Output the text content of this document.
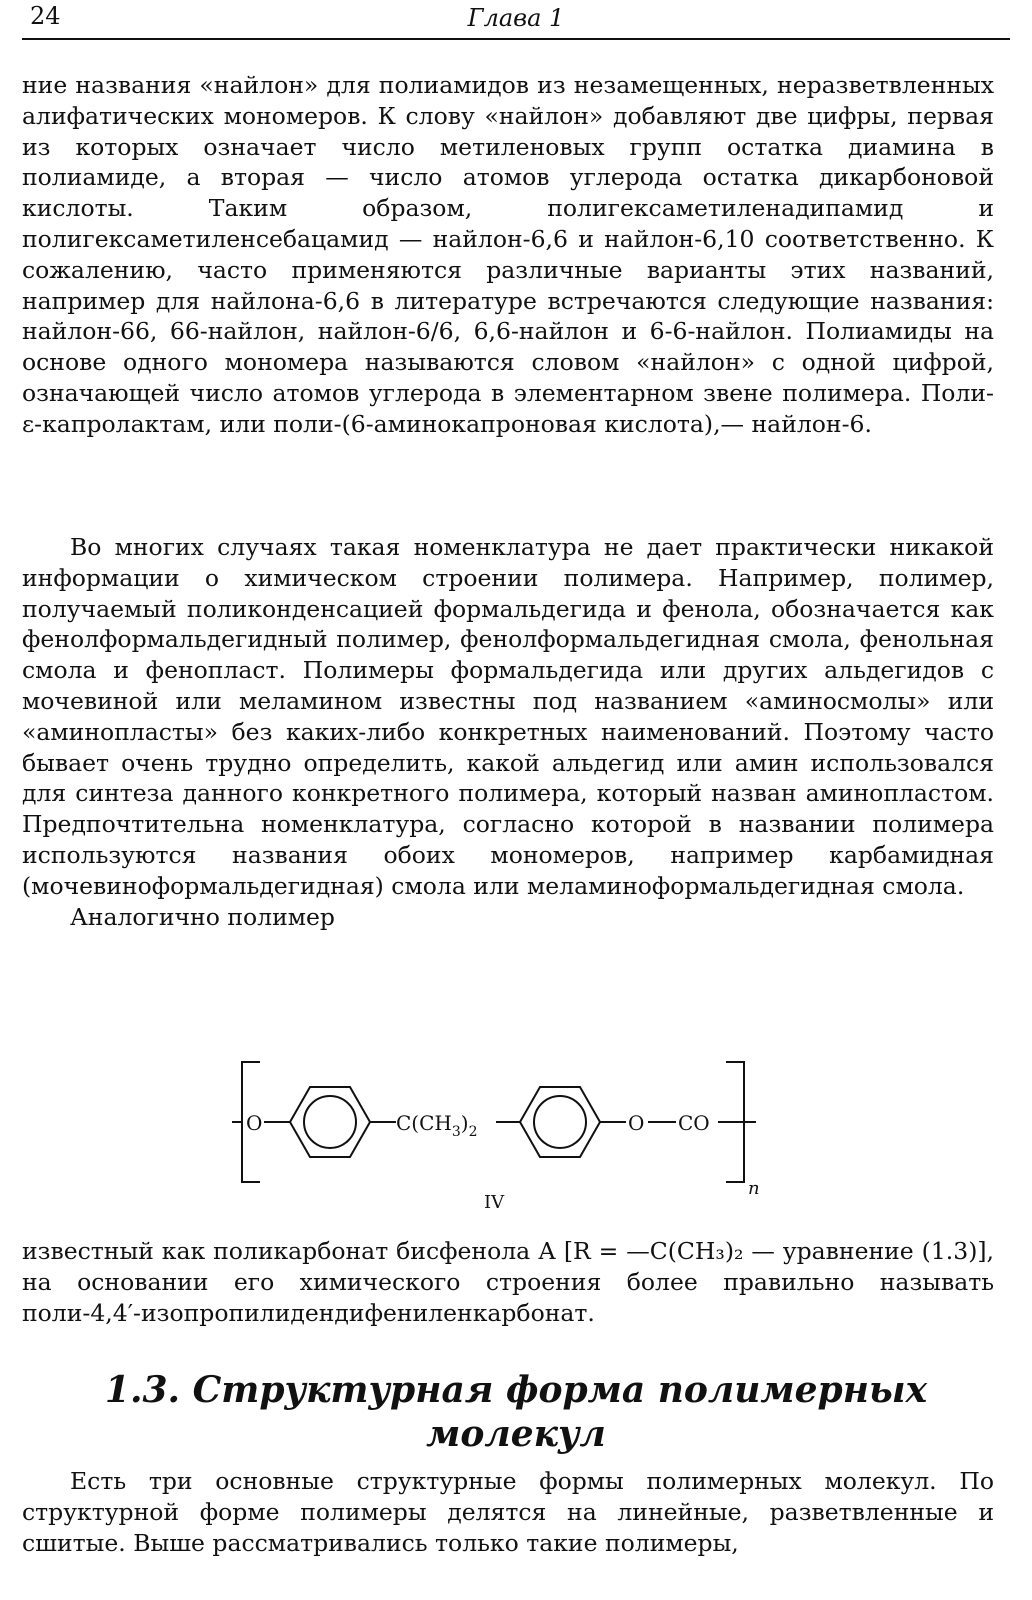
24	Глава 1

ние названия «найлон» для полиамидов из незамещенных, неразветвленных алифатических мономеров. К слову «найлон» добавляют две цифры, первая из которых означает число метиленовых групп остатка диамина в полиамиде, а вторая — число атомов углерода остатка дикарбоновой кислоты. Таким образом, полигексаметиленадипамид и полигексаметиленсебацамид — найлон-6,6 и найлон-6,10 соответственно. К сожалению, часто применяются различные варианты этих названий, например для найлона-6,6 в литературе встречаются следующие названия: найлон-66, 66-найлон, найлон-6/6, 6,6-найлон и 6-6-найлон. Полиамиды на основе одного мономера называются словом «найлон» с одной цифрой, означающей число атомов углерода в элементарном звене полимера. Поли-ε-капролактам, или поли-(6-аминокапроновая кислота),— найлон-6.

Во многих случаях такая номенклатура не дает практически никакой информации о химическом строении полимера. Например, полимер, получаемый поликонденсацией формальдегида и фенола, обозначается как фенолформальдегидный полимер, фенолформальдегидная смола, фенольная смола и фенопласт. Полимеры формальдегида или других альдегидов с мочевиной или меламином известны под названием «аминосмолы» или «аминопласты» без каких-либо конкретных наименований. Поэтому часто бывает очень трудно определить, какой альдегид или амин использовался для синтеза данного конкретного полимера, который назван аминопластом. Предпочтительна номенклатура, согласно которой в названии полимера используются названия обоих мономеров, например карбамидная (мочевиноформальдегидная) смола или меламиноформальдегидная смола.

Аналогично полимер

O	$C(CH_3)_2$	O CO
n
IV

известный как поликарбонат бисфенола А [R = —C(CH₃)₂ — уравнение (1.3)], на основании его химического строения более правильно называть поли-4,4′-изопропилидендифениленкарбонат.

1.3. Структурная форма полимерных
молекул

Есть три основные структурные формы полимерных молекул. По структурной форме полимеры делятся на линейные, разветвленные и сшитые. Выше рассматривались только такие полимеры,
